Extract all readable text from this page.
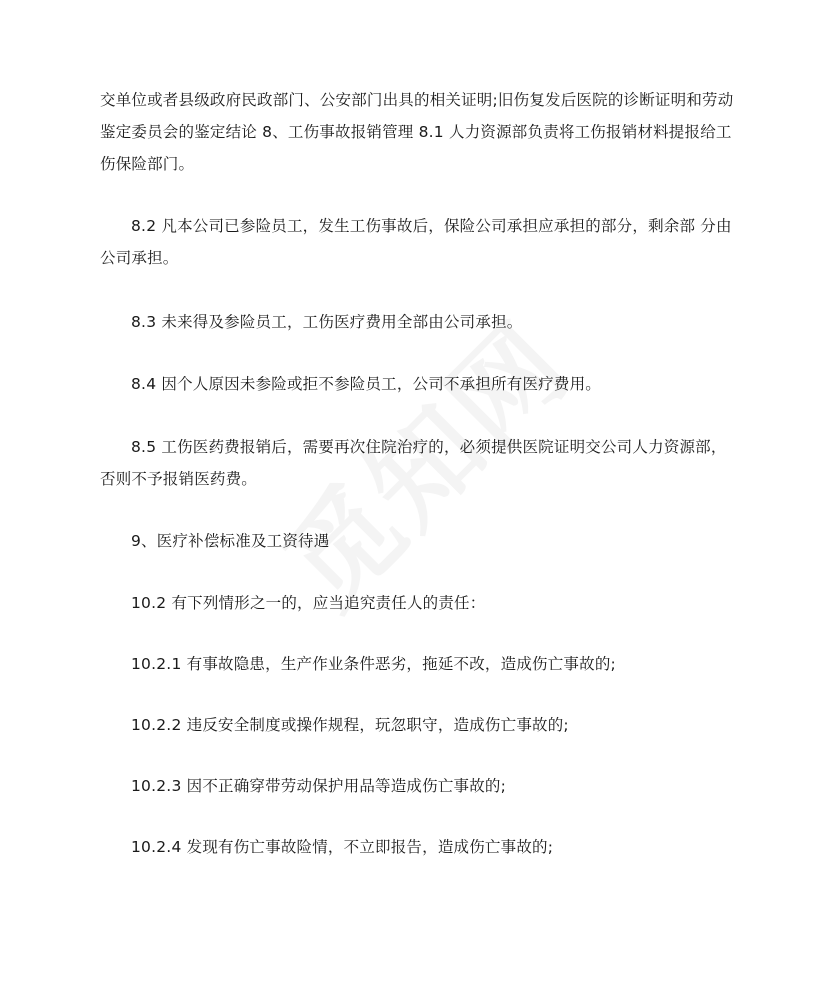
交单位或者县级政府民政部门、公安部门出具的相关证明;旧伤复发后医院的诊断证明和劳动鉴定委员会的鉴定结论 8、工伤事故报销管理 8.1 人力资源部负责将工伤报销材料提报给工伤保险部门。

8.2 凡本公司已参险员工，发生工伤事故后，保险公司承担应承担的部分，剩余部 分由公司承担。

8.3 未来得及参险员工，工伤医疗费用全部由公司承担。

8.4 因个人原因未参险或拒不参险员工，公司不承担所有医疗费用。

8.5 工伤医药费报销后，需要再次住院治疗的，必须提供医院证明交公司人力资源部，否则不予报销医药费。

9、医疗补偿标准及工资待遇

10.2 有下列情形之一的，应当追究责任人的责任：

10.2.1 有事故隐患，生产作业条件恶劣，拖延不改，造成伤亡事故的;

10.2.2 违反安全制度或操作规程，玩忽职守，造成伤亡事故的;

10.2.3 因不正确穿带劳动保护用品等造成伤亡事故的;

10.2.4 发现有伤亡事故险情，不立即报告，造成伤亡事故的;
